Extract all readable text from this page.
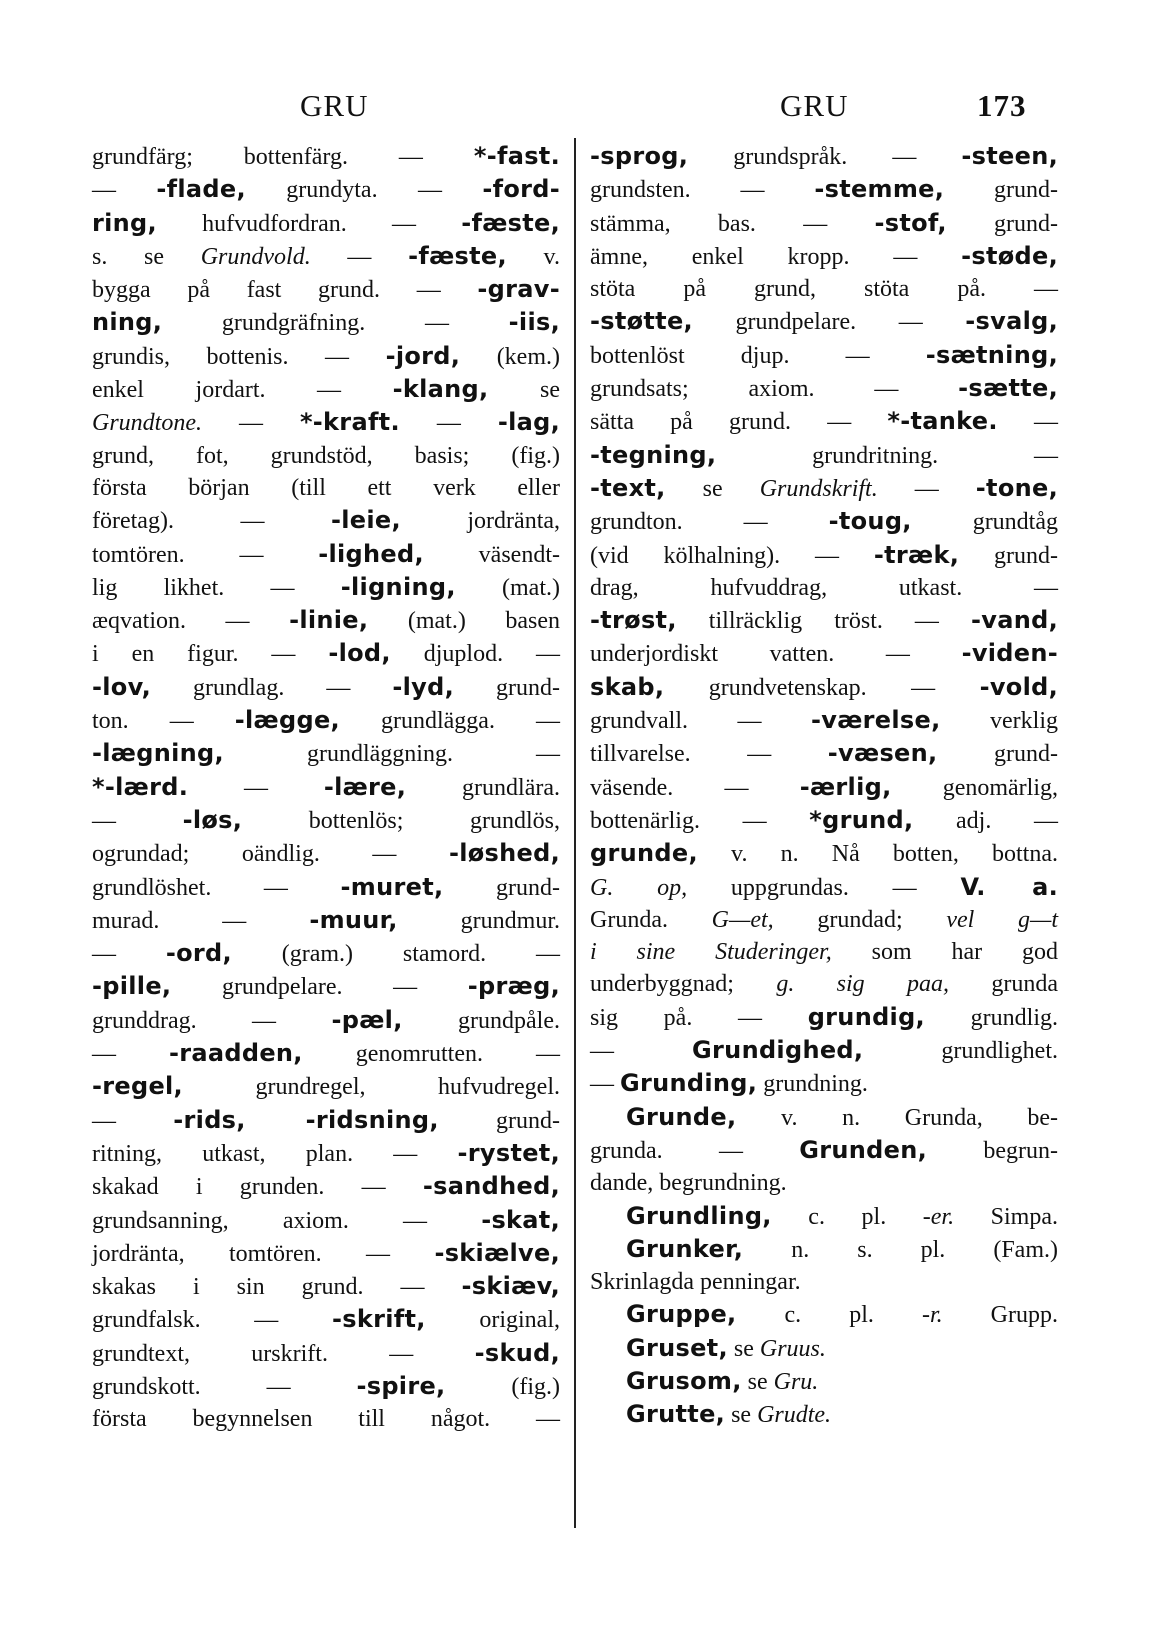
GRU	GRU	173
grundfärg; bottenfärg. — *-fast.
— -flade, grundyta. — -ford-
ring, hufvudfordran. — -fæste,
s. se Grundvold. — -fæste, v.
bygga på fast grund. — -grav-
ning, grundgräfning. — -iis,
grundis, bottenis. — -jord, (kem.)
enkel jordart. — -klang, se
Grundtone. — *-kraft. — -lag,
grund, fot, grundstöd, basis; (fig.)
första början (till ett verk eller
företag). — -leie, jordränta,
tomtören. — -lighed, väsendt-
lig likhet. — -ligning, (mat.)
æqvation. — -linie, (mat.) basen
i en figur. — -lod, djuplod. —
-lov, grundlag. — -lyd, grund-
ton. — -lægge, grundlägga. —
-lægning, grundläggning. —
*-lærd. — -lære, grundlära.
— -løs, bottenlös; grundlös,
ogrundad; oändlig. — -løshed,
grundlöshet. — -muret, grund-
murad. — -muur, grundmur.
— -ord, (gram.) stamord. —
-pille, grundpelare. — -præg,
grunddrag. — -pæl, grundpåle.
— -raadden, genomrutten. —
-regel, grundregel, hufvudregel.
— -rids, -ridsning, grund-
ritning, utkast, plan. — -rystet,
skakad i grunden. — -sandhed,
grundsanning, axiom. — -skat,
jordränta, tomtören. — -skiælve,
skakas i sin grund. — -skiæv,
grundfalsk. — -skrift, original,
grundtext, urskrift. — -skud,
grundskott. — -spire, (fig.)
första begynnelsen till något. —
-sprog, grundspråk. — -steen,
grundsten. — -stemme, grund-
stämma, bas. — -stof, grund-
ämne, enkel kropp. — -støde,
stöta på grund, stöta på. —
-støtte, grundpelare. — -svalg,
bottenlöst djup. — -sætning,
grundsats; axiom. — -sætte,
sätta på grund. — *-tanke. —
-tegning, grundritning. —
-text, se Grundskrift. — -tone,
grundton. — -toug, grundtåg
(vid kölhalning). — -træk, grund-
drag, hufvuddrag, utkast. —
-trøst, tillräcklig tröst. — -vand,
underjordiskt vatten. — -viden-
skab, grundvetenskap. — -vold,
grundvall. — -værelse, verklig
tillvarelse. — -væsen, grund-
väsende. — -ærlig, genomärlig,
bottenärlig. — *grund, adj. —
grunde, v. n. Nå botten, bottna.
G. op, uppgrundas. — V. a.
Grunda. G—et, grundad; vel g—t
i sine Studeringer, som har god
underbyggnad; g. sig paa, grunda
sig på. — grundig, grundlig.
— Grundighed, grundlighet.
— Grunding, grundning.
Grunde, v. n. Grunda, be-
grunda. — Grunden, begrun-
dande, begrundning.
Grundling, c. pl. -er. Simpa.
Grunker, n. s. pl. (Fam.)
Skrinlagda penningar.
Gruppe, c. pl. -r. Grupp.
Gruset, se Gruus.
Grusom, se Gru.
Grutte, se Grudte.
